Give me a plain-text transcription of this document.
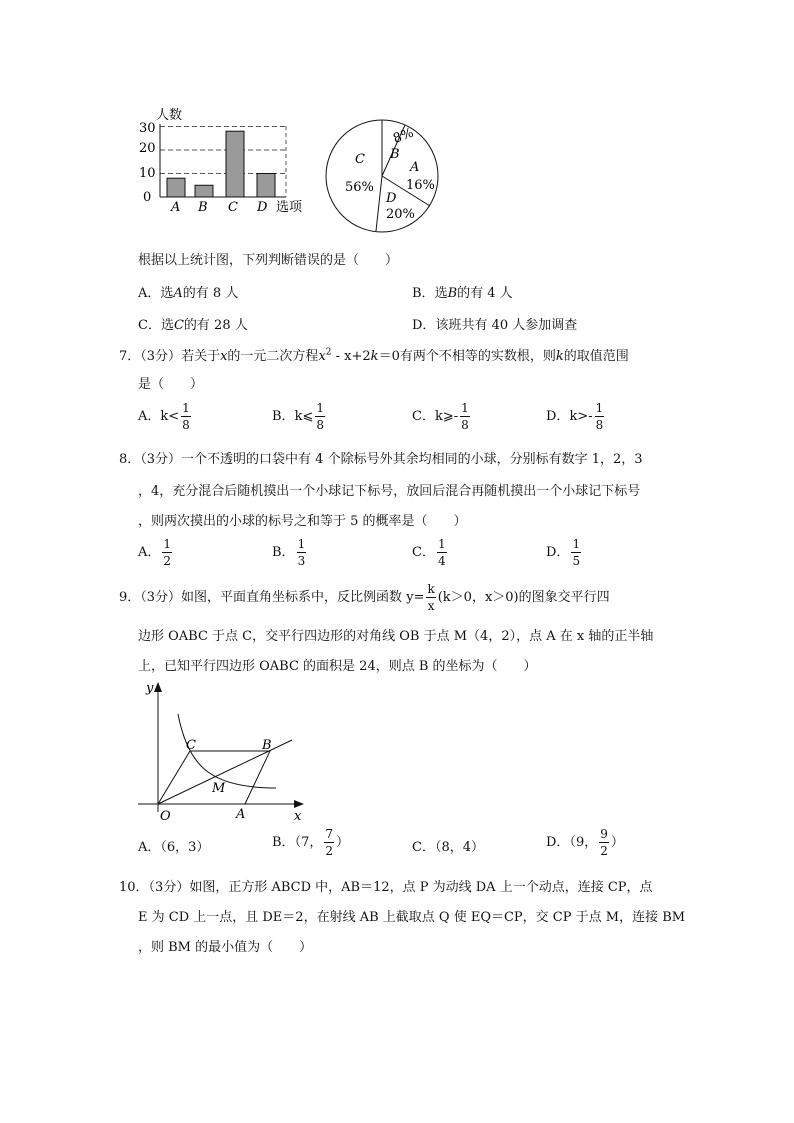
人数
30
20
10
0
A B C D 选项
8%
B
A
16%
C
56%
D
20%
根据以上统计图，下列判断错误的是（　　）
A．选A的有 8 人	B．选B的有 4 人
C．选C的有 28 人	D．该班共有 40 人参加调查
7．（3分）若关于x的一元二次方程$x^2 - x+2k=0$有两个不相等的实数根，则k的取值范围
是（　　）
A．$k< \frac{1}{8}$	B．k⩽ $\frac{1}{8}$	C．k⩾- $\frac{1}{8}$	D．$k>- \frac{1}{8}$
8．（3分）一个不透明的口袋中有 4 个除标号外其余均相同的小球，分别标有数字 1，2，3
，4，充分混合后随机摸出一个小球记下标号，放回后混合再随机摸出一个小球记下标号
，则两次摸出的小球的标号之和等于 5 的概率是（　　）
A． $\frac{1}{2}$	B． $\frac{1}{3}$	C． $\frac{1}{4}$	D． $\frac{1}{5}$
9．（3分）如图，平面直角坐标系中，反比例函数 $y= \frac{k}{x} (k>0$，x＞0)的图象交平行四
边形 OABC 于点 C，交平行四边形的对角线 OB 于点 M（4，2），点 A 在 x 轴的正半轴
上，已知平行四边形 OABC 的面积是 24，则点 B 的坐标为（　　）
y
x
O	A
B
C
M
A．（6，3）	B．（7， $\frac{7}{2}$ ）	C．（8，4）	D．（9， $\frac{9}{2}$ ）
10．（3分）如图，正方形 ABCD 中，AB＝12，点 P 为动线 DA 上一个动点，连接 CP，点
E 为 CD 上一点，且 DE＝2，在射线 AB 上截取点 Q 使 EQ＝CP，交 CP 于点 M，连接 BM
，则 BM 的最小值为（　　）
